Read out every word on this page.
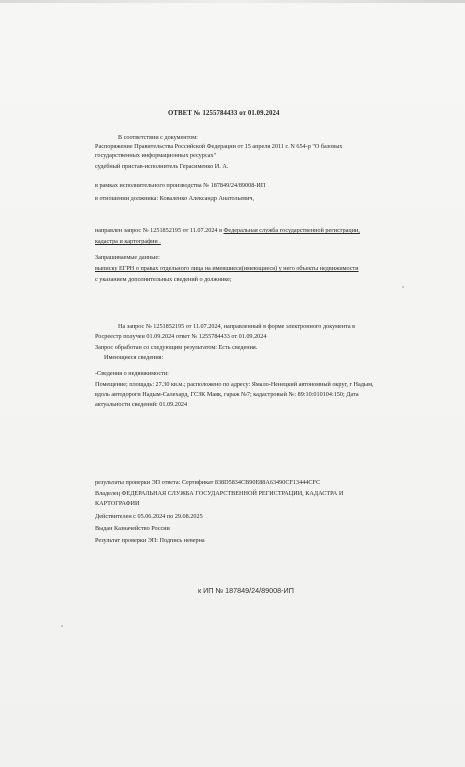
ОТВЕТ № 1255784433 от 01.09.2024
В соответствии с документом:
Распоряжение Правительства Российской Федерации от 15 апреля 2011 г. N 654-р "О базовых
государственных информационных ресурсах"
судебный пристав-исполнитель Герасименко И. А.
в рамках исполнительного производства № 187849/24/89008-ИП
в отношении должника: Коваленко Александр Анатольевич,
направлен запрос № 1251852195 от 11.07.2024 в Федеральная служба государственной регистрации,
кадастра и картографии .
Запрашиваемые данные:
выписку ЕГРН о правах отдельного лица на имевшиеся(имеющиеся) у него объекты недвижимости
с указанием дополнительных сведений о должнике;
На запрос № 1251852195 от 11.07.2024, направленный в форме электронного документа в
Росреестр получен 01.09.2024 ответ № 1255784433 от 01.09.2024
Запрос обработан со следующим результатом: Есть сведения.
Имеющиеся сведения:
-Сведения о недвижимости:
Помещение; площадь: 27.30 кв.м.; расположено по адресу: Ямало-Ненецкий автономный округ, г Надым,
вдоль автодороги Надым-Салехард, ГСЗК Маяк, гараж №7; кадастровый №: 89:10:010104:150; Дата
актуальности сведений: 01.09.2024
результаты проверки ЭП ответа: Сертификат 838D5834CB90E88A63490CF13444CFC
Владелец ФЕДЕРАЛЬНАЯ СЛУЖБА ГОСУДАРСТВЕННОЙ РЕГИСТРАЦИИ, КАДАСТРА И
КАРТОГРАФИИ
Действителен с 05.06.2024 по 29.08.2025
Выдан Казначейство России
Результат проверки ЭП: Подпись неверна
к ИП № 187849/24/89008-ИП
